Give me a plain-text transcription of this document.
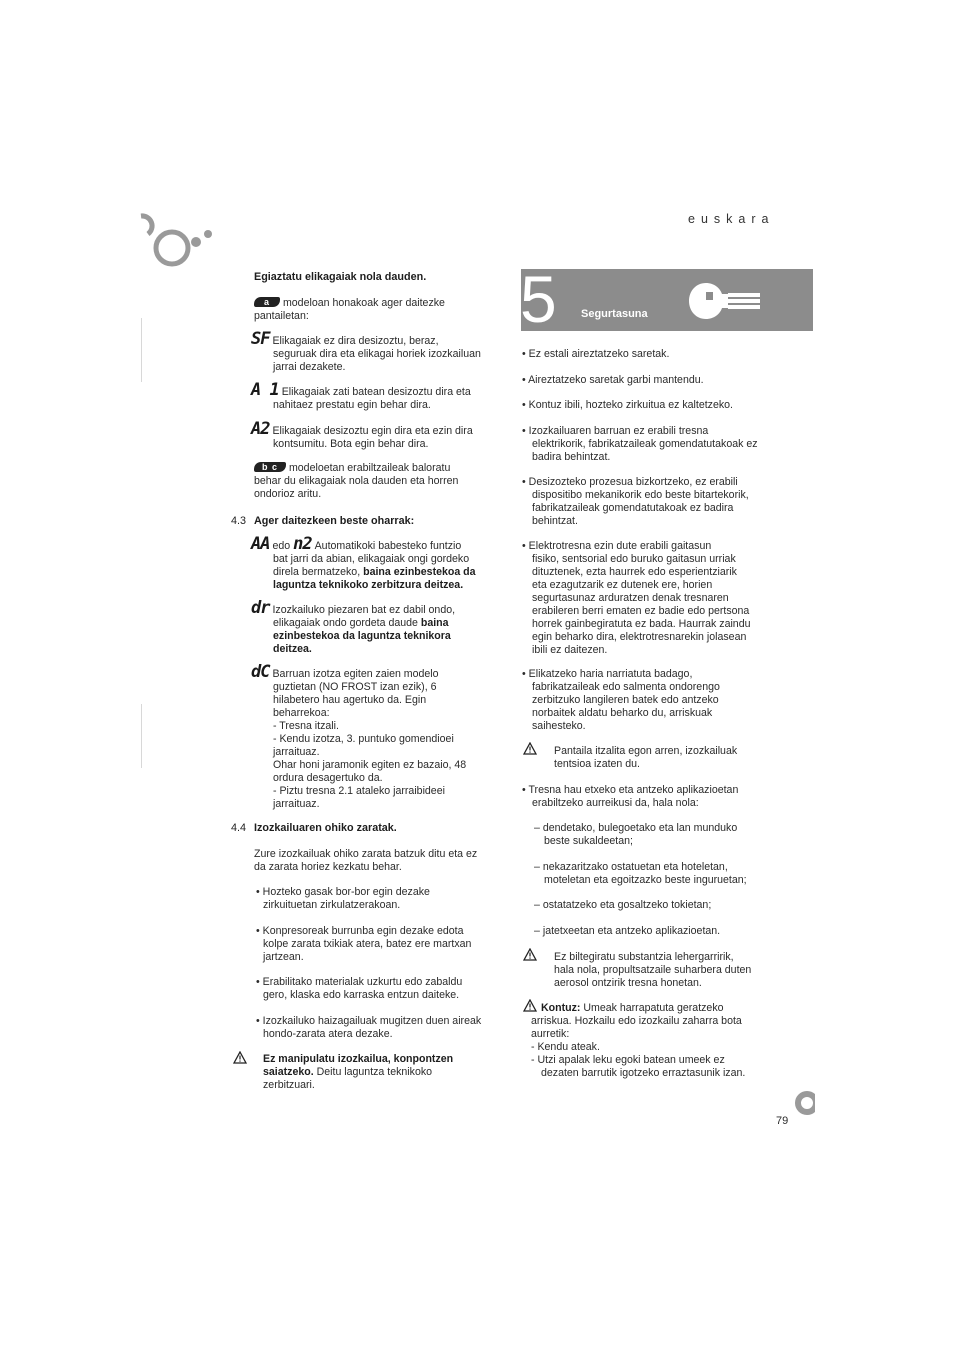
euskara
Egiaztatu elikagaiak nola dauden.
a modeloan honakoak ager daitezke
pantailetan:
SF Elikagaiak ez dira desizoztu, beraz,
seguruak dira eta elikagai horiek izozkailuan
jarrai dezakete.
A 1 Elikagaiak zati batean desizoztu dira eta
nahitaez prestatu egin behar dira.
A2 Elikagaiak desizoztu egin dira eta ezin dira
kontsumitu. Bota egin behar dira.
b c modeloetan erabiltzaileak baloratu
behar du elikagaiak nola dauden eta horren
ondorioz aritu.
4.3 Ager daitezkeen beste oharrak:
AA edo n2 Automatikoki babesteko funtzio
bat jarri da abian, elikagaiak ongi gordeko
direla bermatzeko, baina ezinbestekoa da
laguntza teknikoko zerbitzura deitzea.
dr Izozkailuko piezaren bat ez dabil ondo,
elikagaiak ondo gordeta daude baina
ezinbestekoa da laguntza teknikora
deitzea.
dC Barruan izotza egiten zaien modelo
guztietan (NO FROST izan ezik), 6
hilabetero hau agertuko da. Egin
beharrekoa:
- Tresna itzali.
- Kendu izotza, 3. puntuko gomendioei
jarraituaz.
Ohar honi jaramonik egiten ez bazaio, 48
ordura desagertuko da.
- Piztu tresna 2.1 ataleko jarraibideei
jarraituaz.
4.4 Izozkailuaren ohiko zaratak.
Zure izozkailuak ohiko zarata batzuk ditu eta ez
da zarata horiez kezkatu behar.
• Hozteko gasak bor-bor egin dezake
zirkuituetan zirkulatzerakoan.
• Konpresoreak burrunba egin dezake edota
kolpe zarata txikiak atera, batez ere martxan
jartzean.
• Erabilitako materialak uzkurtu edo zabaldu
gero, klaska edo karraska entzun daiteke.
• Izozkailuko haizagailuak mugitzen duen aireak
hondo-zarata atera dezake.
Ez manipulatu izozkailua, konpontzen
saiatzeko. Deitu laguntza teknikoko
zerbitzuari.
5 Segurtasuna
• Ez estali aireztatzeko saretak.
• Aireztatzeko saretak garbi mantendu.
• Kontuz ibili, hozteko zirkuitua ez kaltetzeko.
• Izozkailuaren barruan ez erabili tresna
elektrikorik, fabrikatzaileak gomendatutakoak ez
badira behintzat.
• Desizozteko prozesua bizkortzeko, ez erabili
dispositibo mekanikorik edo beste bitartekorik,
fabrikatzaileak gomendatutakoak ez badira
behintzat.
• Elektrotresna ezin dute erabili gaitasun
fisiko, sentsorial edo buruko gaitasun urriak
dituztenek, ezta haurrek edo esperientziarik
eta ezagutzarik ez dutenek ere, horien
segurtasunaz arduratzen denak tresnaren
erabileren berri ematen ez badie edo pertsona
horrek gainbegiratuta ez bada. Haurrak zaindu
egin beharko dira, elektrotresnarekin jolasean
ibili ez daitezen.
• Elikatzeko haria narriatuta badago,
fabrikatzaileak edo salmenta ondorengo
zerbitzuko langileren batek edo antzeko
norbaitek aldatu beharko du, arriskuak
saihesteko.
Pantaila itzalita egon arren, izozkailuak
tentsioa izaten du.
• Tresna hau etxeko eta antzeko aplikazioetan
erabiltzeko aurreikusi da, hala nola:
– dendetako, bulegoetako eta lan munduko
beste sukaldeetan;
– nekazaritzako ostatuetan eta hoteletan,
moteletan eta egoitzazko beste inguruetan;
– ostatatzeko eta gosaltzeko tokietan;
– jatetxeetan eta antzeko aplikazioetan.
Ez biltegiratu substantzia lehergarririk,
hala nola, propultsatzaile suharbera duten
aerosol ontzirik tresna honetan.
Kontuz: Umeak harrapatuta geratzeko
arriskua. Hozkailu edo izozkailu zaharra bota
aurretik:
- Kendu ateak.
- Utzi apalak leku egoki batean umeek ez
dezaten barrutik igotzeko erraztasunik izan.
79
